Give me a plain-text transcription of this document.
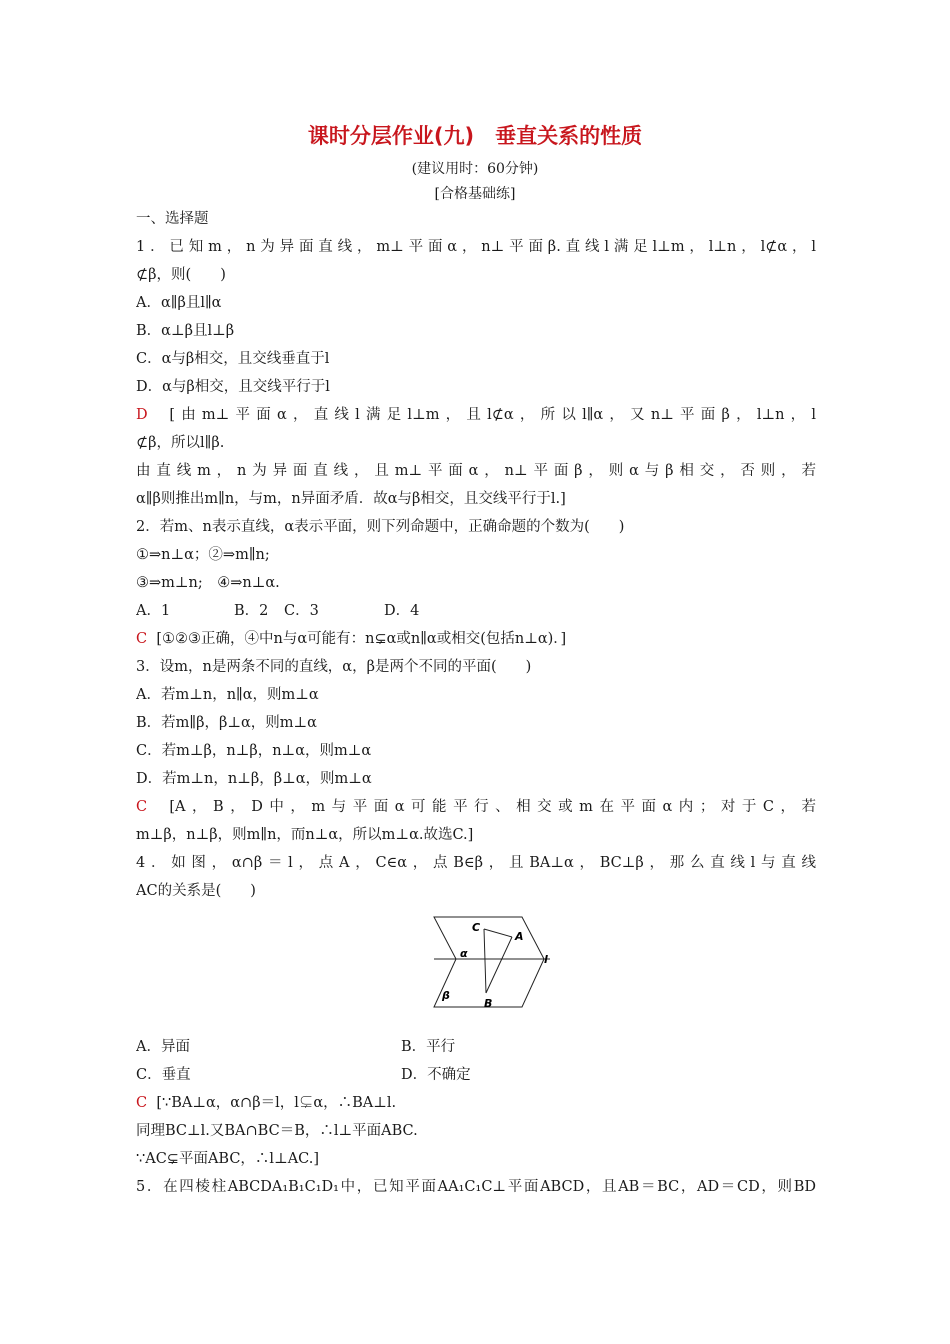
课时分层作业(九)　垂直关系的性质
(建议用时：60分钟)
[合格基础练]
一、选择题
1．已知m，n为异面直线，m⊥平面α，n⊥平面β.直线l满足l⊥m，l⊥n，l⊄α，l
⊄β，则(　　)
A．α∥β且l∥α
B．α⊥β且l⊥β
C．α与β相交，且交线垂直于l
D．α与β相交，且交线平行于l
D [由m⊥平面α，直线l满足l⊥m，且l⊄α，所以l∥α，又n⊥平面β，l⊥n，l
⊄β，所以l∥β.
由直线m，n为异面直线，且m⊥平面α，n⊥平面β，则α与β相交，否则，若
α∥β则推出m∥n，与m，n异面矛盾．故α与β相交，且交线平行于l.]
2．若m、n表示直线，α表示平面，则下列命题中，正确命题的个数为(　　)
①⇒n⊥α；②⇒m∥n;
③⇒m⊥n;　④⇒n⊥α.
A．1	B．2 C．3	D．4
C [①②③正确，④中n与α可能有：n⊊α或n∥α或相交(包括n⊥α)．]
3．设m，n是两条不同的直线，α，β是两个不同的平面(　　)
A．若m⊥n，n∥α，则m⊥α
B．若m∥β，β⊥α，则m⊥α
C．若m⊥β，n⊥β，n⊥α，则m⊥α
D．若m⊥n，n⊥β，β⊥α，则m⊥α
C [A，B，D中，m与平面α可能平行、相交或m在平面α内；对于C，若
m⊥β，n⊥β，则m∥n，而n⊥α，所以m⊥α.故选C.]
4．如图，α∩β＝l，点A，C∈α，点B∈β，且BA⊥α，BC⊥β，那么直线l与直线
AC的关系是(　　)
C
A
α	l
β
B
A．异面	B．平行
C．垂直	D．不确定
C [∵BA⊥α，α∩β＝l，l⊊α，∴BA⊥l.
同理BC⊥l.又BA∩BC＝B，∴l⊥平面ABC.
∵AC⊊平面ABC，∴l⊥AC.]
5．在四棱柱ABCDA₁B₁C₁D₁中，已知平面AA₁C₁C⊥平面ABCD，且AB＝BC，AD＝CD，则BD
